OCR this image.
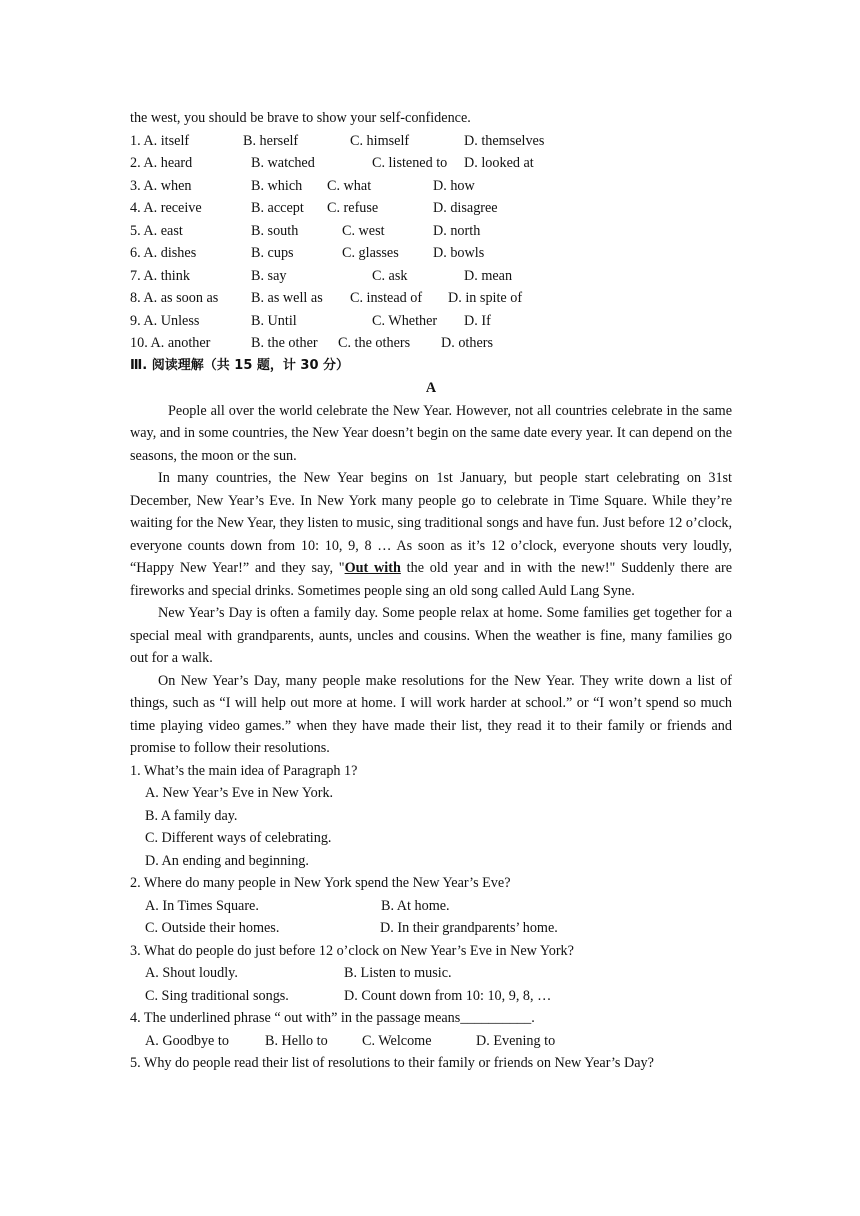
the west, you should be brave to show your self-confidence.
1. A. itself	B. herself	C. himself	D. themselves
2. A. heard	B. watched	C. listened to D. looked at
3. A. when	B. which C. what	D. how
4. A. receive	B. accept C. refuse	D. disagree
5. A. east	B. south	C. west	D. north
6. A. dishes	B. cups	C. glasses D. bowls
7. A. think	B. say	C. ask	D. mean
8. A. as soon as B. as well as C. instead of D. in spite of
9. A. Unless	B. Until	C. Whether D. If
10. A. another	B. the other C. the others D. others
Ⅲ. 阅读理解（共 15 题，计 30 分）
A

People all over the world celebrate the New Year. However, not all countries celebrate in the same way, and in some countries, the New Year doesn’t begin on the same date every year. It can depend on the seasons, the moon or the sun.

In many countries, the New Year begins on 1st January, but people start celebrating on 31st December, New Year’s Eve. In New York many people go to celebrate in Time Square. While they’re waiting for the New Year, they listen to music, sing traditional songs and have fun. Just before 12 o’clock, everyone counts down from 10: 10, 9, 8 … As soon as it’s 12 o’clock, everyone shouts very loudly, “Happy New Year!” and they say, "Out with the old year and in with the new!" Suddenly there are fireworks and special drinks. Sometimes people sing an old song called Auld Lang Syne.

New Year’s Day is often a family day. Some people relax at home. Some families get together for a special meal with grandparents, aunts, uncles and cousins. When the weather is fine, many families go out for a walk.

On New Year’s Day, many people make resolutions for the New Year. They write down a list of things, such as “I will help out more at home. I will work harder at school.” or “I won’t spend so much time playing video games.” when they have made their list, they read it to their family or friends and promise to follow their resolutions.

1. What’s the main idea of Paragraph 1?
A. New Year’s Eve in New York.
B. A family day.
C. Different ways of celebrating.
D. An ending and beginning.
2. Where do many people in New York spend the New Year’s Eve?
A. In Times Square.	B. At home.
C. Outside their homes.	D. In their grandparents’ home.
3. What do people do just before 12 o’clock on New Year’s Eve in New York?
A. Shout loudly.	B. Listen to music.
C. Sing traditional songs.	D. Count down from 10: 10, 9, 8, …
4. The underlined phrase “ out with” in the passage means__________.
A. Goodbye to	B. Hello to C. Welcome	D. Evening to
5. Why do people read their list of resolutions to their family or friends on New Year’s Day?
